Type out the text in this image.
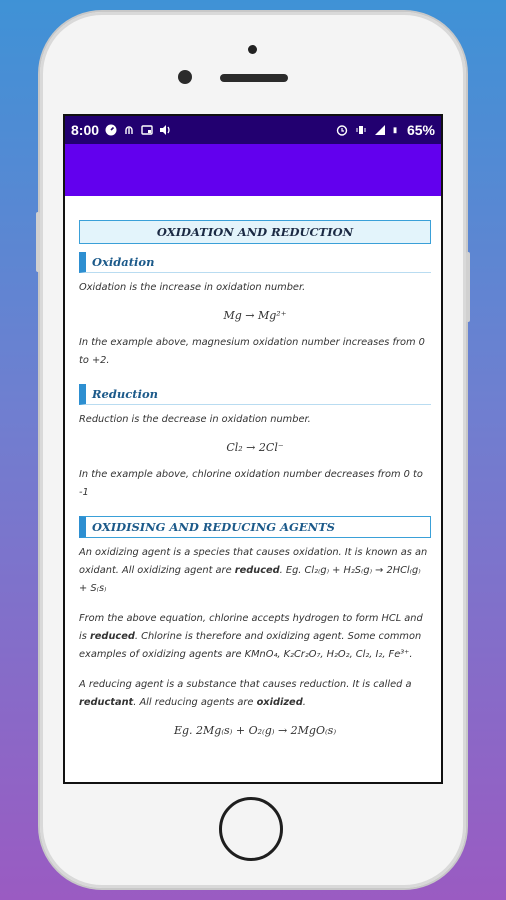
8:00	65%
OXIDATION AND REDUCTION
Oxidation

Oxidation is the increase in oxidation number.

Mg → Mg²⁺

In the example above, magnesium oxidation number increases from 0 to +2.

Reduction

Reduction is the decrease in oxidation number.

Cl₂ → 2Cl⁻

In the example above, chlorine oxidation number decreases from 0 to -1

OXIDISING AND REDUCING AGENTS

An oxidizing agent is a species that causes oxidation. It is known as an oxidant. All oxidizing agent are reduced. Eg. Cl₂₍g₎ + H₂S₍g₎ → 2HCl₍g₎ + S₍s₎

From the above equation, chlorine accepts hydrogen to form HCL and is reduced. Chlorine is therefore and oxidizing agent. Some common examples of oxidizing agents are KMnO₄, K₂Cr₂O₇, H₂O₂, Cl₂, I₂, Fe³⁺.

A reducing agent is a substance that causes reduction. It is called a reductant. All reducing agents are oxidized.

Eg. 2Mg₍s₎ + O₂₍g₎ → 2MgO₍s₎
